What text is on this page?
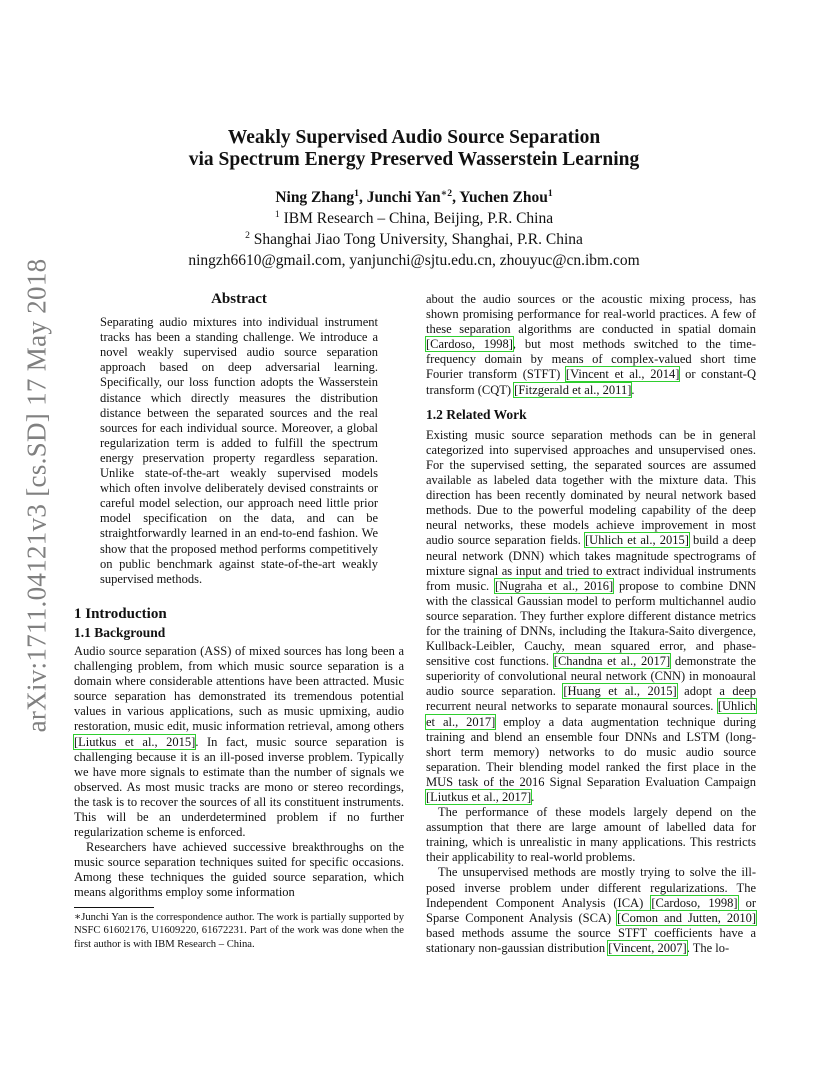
arXiv:1711.04121v3 [cs.SD] 17 May 2018
Weakly Supervised Audio Source Separation
via Spectrum Energy Preserved Wasserstein Learning
Ning Zhang$^1$, Junchi Yan$^{∗2}$, Yuchen Zhou$^1$
$^1$ IBM Research – China, Beijing, P.R. China
$^2$ Shanghai Jiao Tong University, Shanghai, P.R. China
ningzh6610@gmail.com, yanjunchi@sjtu.edu.cn, zhouyuc@cn.ibm.com
Abstract

Separating audio mixtures into individual instrument tracks has been a standing challenge. We introduce a novel weakly supervised audio source separation approach based on deep adversarial learning. Specifically, our loss function adopts the Wasserstein distance which directly measures the distribution distance between the separated sources and the real sources for each individual source. Moreover, a global regularization term is added to fulfill the spectrum energy preservation property regardless separation. Unlike state-of-the-art weakly supervised models which often involve deliberately devised constraints or careful model selection, our approach need little prior model specification on the data, and can be straightforwardly learned in an end-to-end fashion. We show that the proposed method performs competitively on public benchmark against state-of-the-art weakly supervised methods.

1 Introduction
1.1 Background

Audio source separation (ASS) of mixed sources has long been a challenging problem, from which music source separation is a domain where considerable attentions have been attracted. Music source separation has demonstrated its tremendous potential values in various applications, such as music upmixing, audio restoration, music edit, music information retrieval, among others [Liutkus et al., 2015]. In fact, music source separation is challenging because it is an ill-posed inverse problem. Typically we have more signals to estimate than the number of signals we observed. As most music tracks are mono or stereo recordings, the task is to recover the sources of all its constituent instruments. This will be an underdetermined problem if no further regularization scheme is enforced.

Researchers have achieved successive breakthroughs on the music source separation techniques suited for specific occasions. Among these techniques the guided source separation, which means algorithms employ some information

∗Junchi Yan is the correspondence author. The work is partially supported by NSFC 61602176, U1609220, 61672231. Part of the work was done when the first author is with IBM Research – China.

about the audio sources or the acoustic mixing process, has shown promising performance for real-world practices. A few of these separation algorithms are conducted in spatial domain [Cardoso, 1998], but most methods switched to the time-frequency domain by means of complex-valued short time Fourier transform (STFT) [Vincent et al., 2014] or constant-Q transform (CQT) [Fitzgerald et al., 2011].

1.2 Related Work

Existing music source separation methods can be in general categorized into supervised approaches and unsupervised ones. For the supervised setting, the separated sources are assumed available as labeled data together with the mixture data. This direction has been recently dominated by neural network based methods. Due to the powerful modeling capability of the deep neural networks, these models achieve improvement in most audio source separation fields. [Uhlich et al., 2015] build a deep neural network (DNN) which takes magnitude spectrograms of mixture signal as input and tried to extract individual instruments from music. [Nugraha et al., 2016] propose to combine DNN with the classical Gaussian model to perform multichannel audio source separation. They further explore different distance metrics for the training of DNNs, including the Itakura-Saito divergence, Kullback-Leibler, Cauchy, mean squared error, and phase-sensitive cost functions. [Chandna et al., 2017] demonstrate the superiority of convolutional neural network (CNN) in monoaural audio source separation. [Huang et al., 2015] adopt a deep recurrent neural networks to separate monaural sources. [Uhlich et al., 2017] employ a data augmentation technique during training and blend an ensemble four DNNs and LSTM (long-short term memory) networks to do music audio source separation. Their blending model ranked the first place in the MUS task of the 2016 Signal Separation Evaluation Campaign [Liutkus et al., 2017].

The performance of these models largely depend on the assumption that there are large amount of labelled data for training, which is unrealistic in many applications. This restricts their applicability to real-world problems.

The unsupervised methods are mostly trying to solve the ill-posed inverse problem under different regularizations. The Independent Component Analysis (ICA) [Cardoso, 1998] or Sparse Component Analysis (SCA) [Comon and Jutten, 2010] based methods assume the source STFT coefficients have a stationary non-gaussian distribution [Vincent, 2007]. The lo-
